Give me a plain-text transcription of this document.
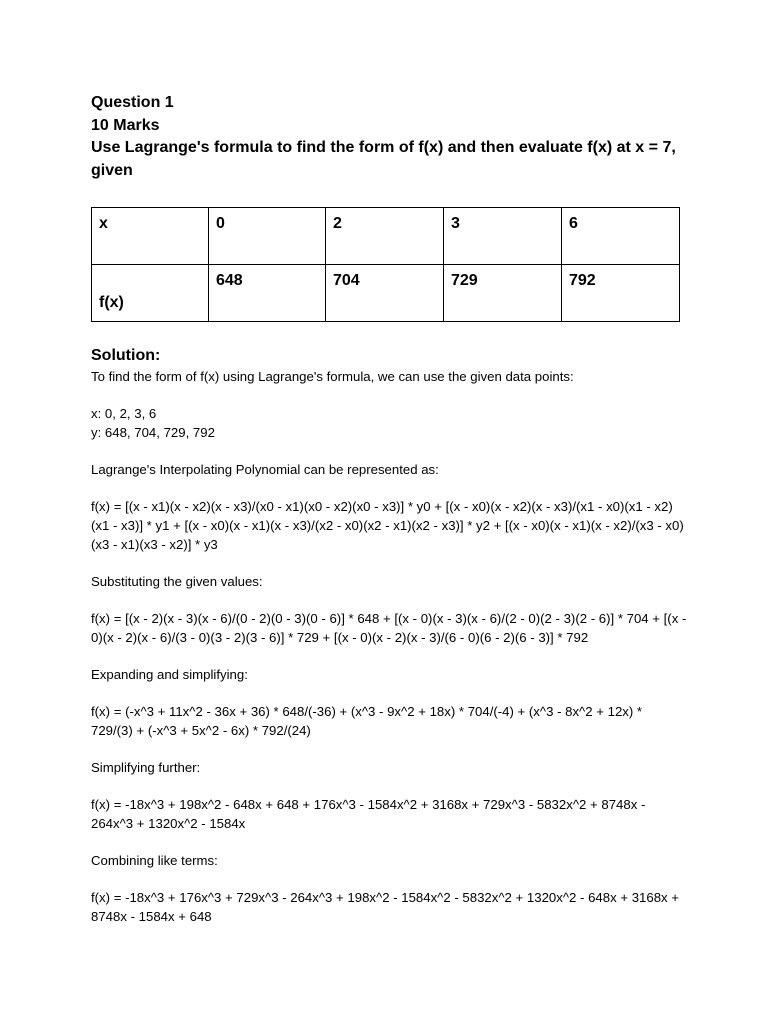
Question 1

10 Marks

Use Lagrange's formula to find the form of f(x) and then evaluate f(x) at x = 7, given

x	0	2	3	6
f(x)	648	704	729	792

Solution:

To find the form of f(x) using Lagrange's formula, we can use the given data points:

x: 0, 2, 3, 6

y: 648, 704, 729, 792

Lagrange's Interpolating Polynomial can be represented as:

f(x) = [(x - x1)(x - x2)(x - x3)/(x0 - x1)(x0 - x2)(x0 - x3)] * y0 + [(x - x0)(x - x2)(x - x3)/(x1 - x0)(x1 - x2)(x1 - x3)] * y1 + [(x - x0)(x - x1)(x - x3)/(x2 - x0)(x2 - x1)(x2 - x3)] * y2 + [(x - x0)(x - x1)(x - x2)/(x3 - x0)(x3 - x1)(x3 - x2)] * y3

Substituting the given values:

f(x) = [(x - 2)(x - 3)(x - 6)/(0 - 2)(0 - 3)(0 - 6)] * 648 + [(x - 0)(x - 3)(x - 6)/(2 - 0)(2 - 3)(2 - 6)] * 704 + [(x - 0)(x - 2)(x - 6)/(3 - 0)(3 - 2)(3 - 6)] * 729 + [(x - 0)(x - 2)(x - 3)/(6 - 0)(6 - 2)(6 - 3)] * 792

Expanding and simplifying:

f(x) = (-x^3 + 11x^2 - 36x + 36) * 648/(-36) + (x^3 - 9x^2 + 18x) * 704/(-4) + (x^3 - 8x^2 + 12x) * 729/(3) + (-x^3 + 5x^2 - 6x) * 792/(24)

Simplifying further:

f(x) = -18x^3 + 198x^2 - 648x + 648 + 176x^3 - 1584x^2 + 3168x + 729x^3 - 5832x^2 + 8748x - 264x^3 + 1320x^2 - 1584x

Combining like terms:

f(x) = -18x^3 + 176x^3 + 729x^3 - 264x^3 + 198x^2 - 1584x^2 - 5832x^2 + 1320x^2 - 648x + 3168x + 8748x - 1584x + 648
